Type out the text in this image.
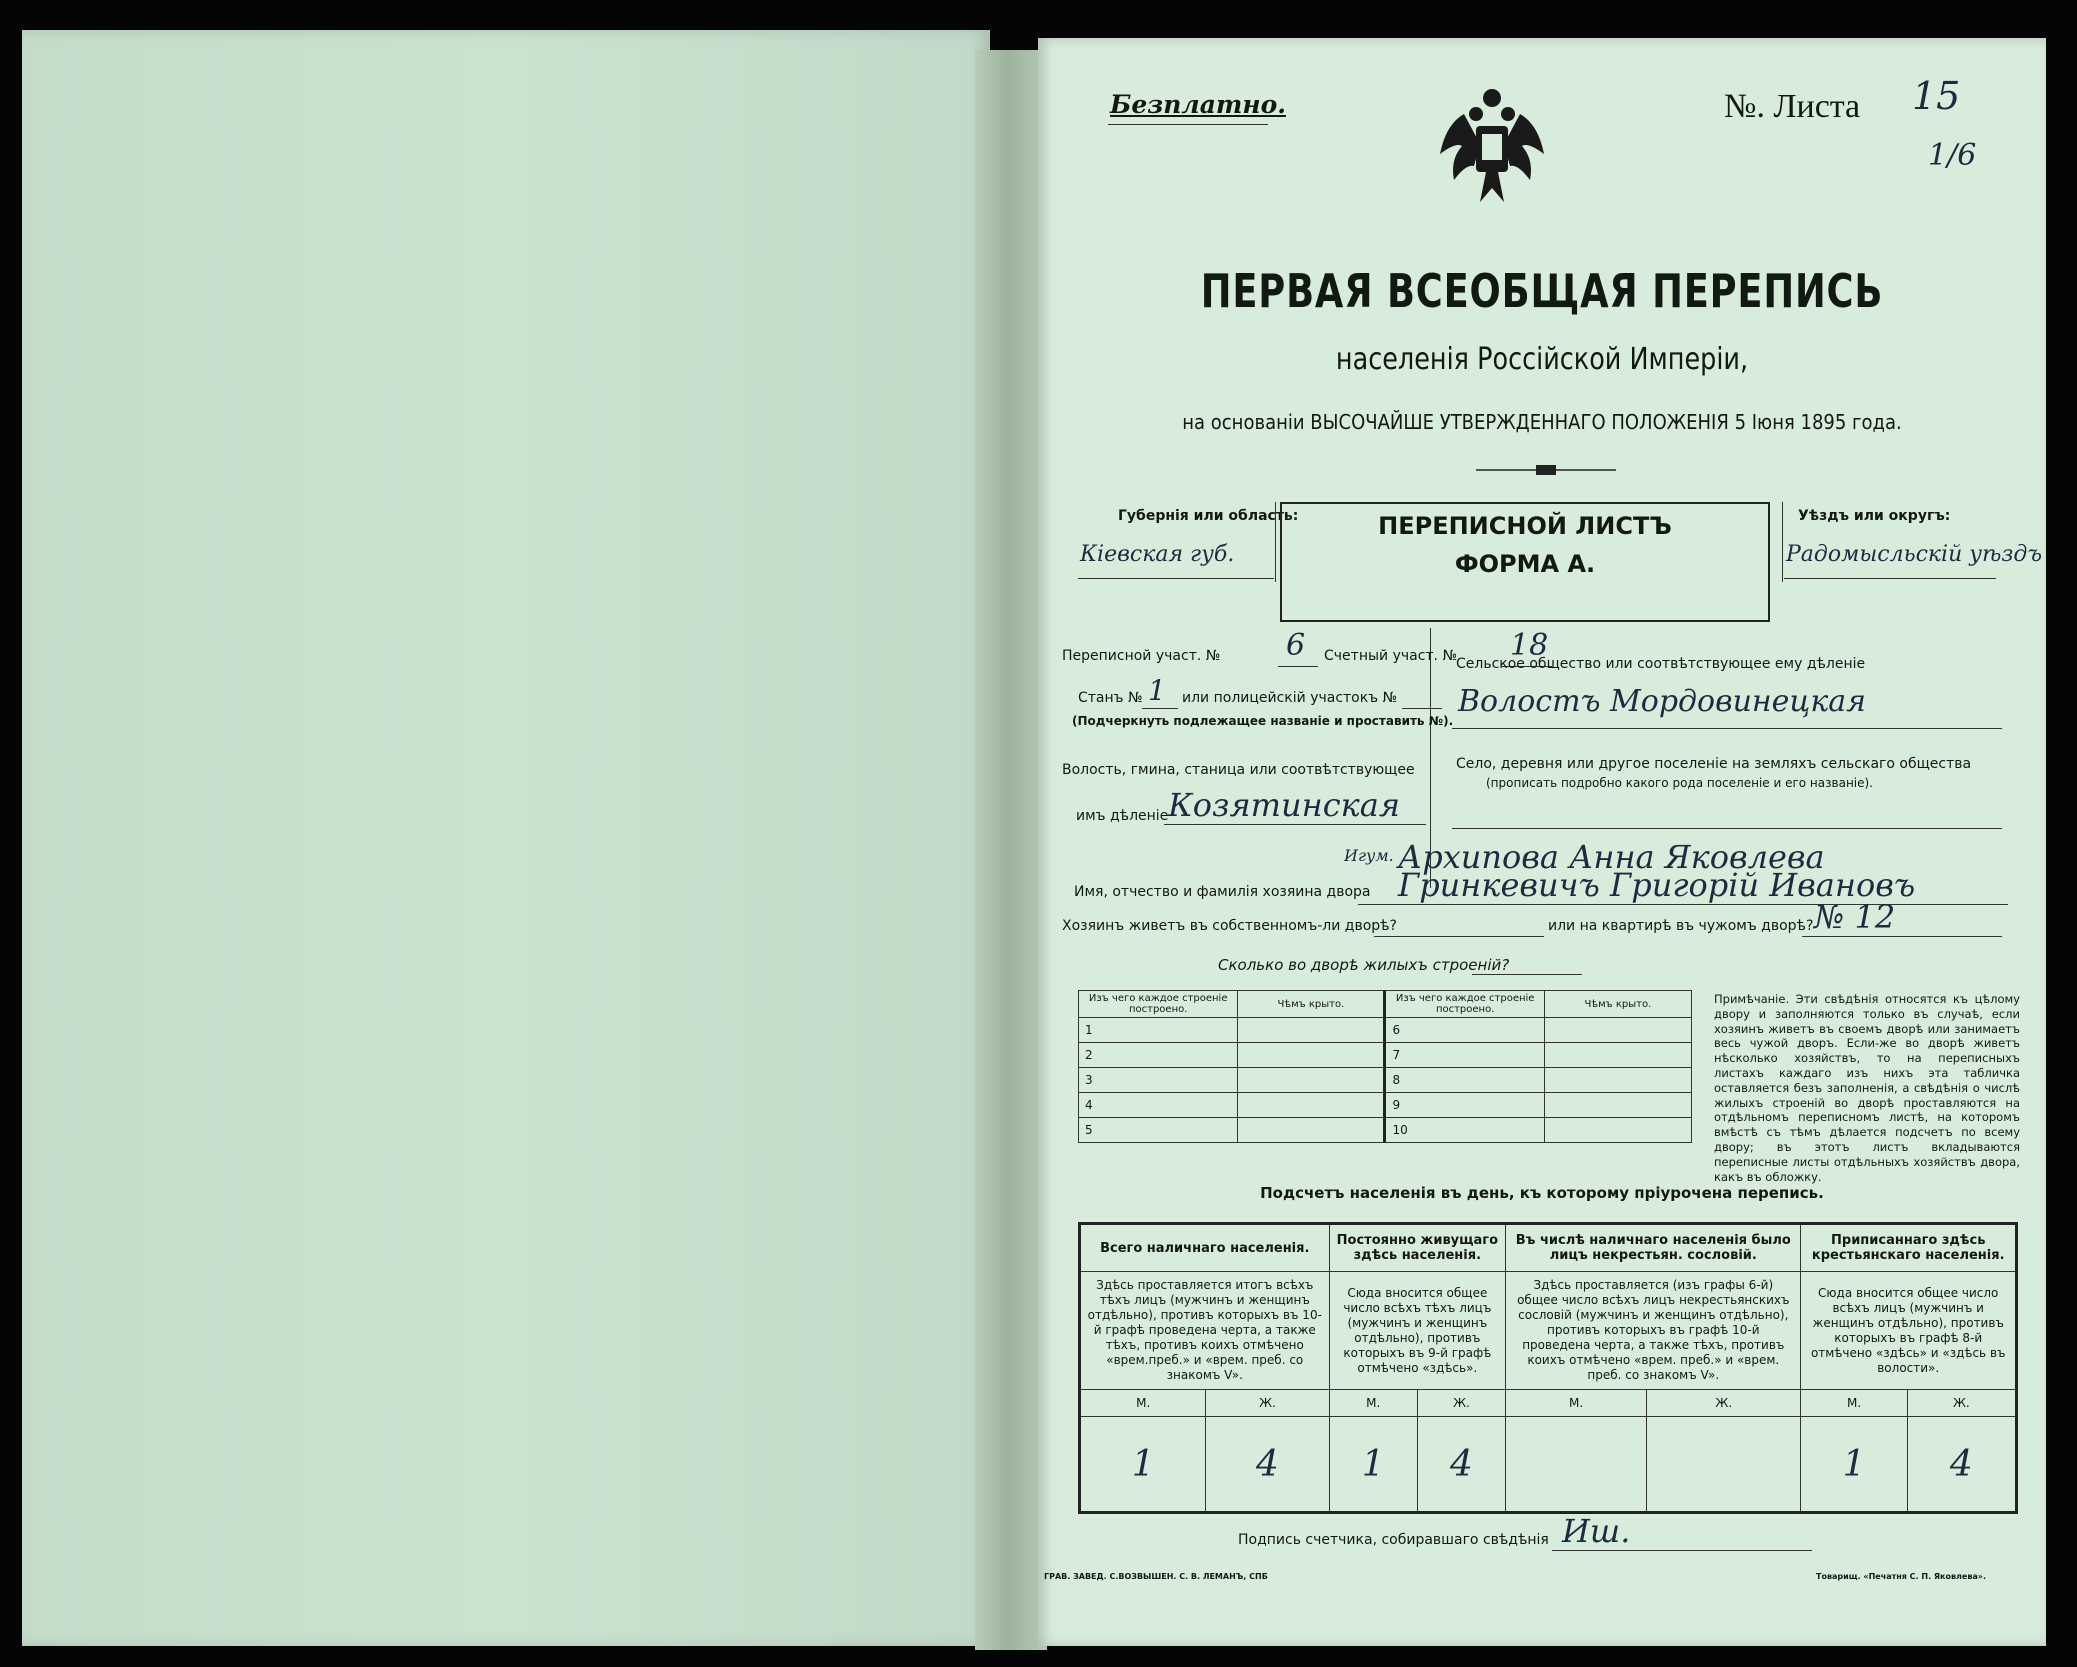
Безплатно.	№. Листа 15
1/6
ПЕРВАЯ ВСЕОБЩАЯ ПЕРЕПИСЬ
населенія Россійской Имперіи,
на основаніи ВЫСОЧАЙШЕ УТВЕРЖДЕННАГО ПОЛОЖЕНІЯ 5 Іюня 1895 года.
Губернія или область:
Кіевская губ.
ПЕРЕПИСНОЙ ЛИСТЪ
ФОРМА А.
Уѣздъ или округъ:
Радомысльскій уѣздъ
Переписной участ. № 6 Счетный участ. № 18
Станъ № 1 или полицейскій участокъ №
(Подчеркнуть подлежащее названіе и проставить №).
Волость, гмина, станица или соотвѣтствующее
имъ дѣленіе Козятинская
Сельское общество или соотвѣтствующее ему дѣленіе
Волостъ Мордовинецкая
Село, деревня или другое поселеніе на земляхъ сельскаго общества
(прописать подробно какого рода поселеніе и его названіе).
Игум. Архипова Анна Яковлева
Имя, отчество и фамилія хозяина двора Гринкевичъ Григорій Ивановъ
Хозяинъ живетъ въ собственномъ-ли дворѣ?	или на квартирѣ въ чужомъ дворѣ? № 12
Сколько во дворѣ жилыхъ строеній?
Изъ чего каждое строеніе построено.	Чѣмъ крыто.	Изъ чего каждое строеніе построено.	Чѣмъ крыто.
1		6	
2		7	
3		8	
4		9	
5		10	
Примѣчаніе. Эти свѣдѣнія относятся къ цѣлому двору и заполняются только въ случаѣ, если хозяинъ живетъ въ своемъ дворѣ или занимаетъ весь чужой дворъ. Если-же во дворѣ живетъ нѣсколько хозяйствъ, то на переписныхъ листахъ каждаго изъ нихъ эта табличка оставляется безъ заполненія, а свѣдѣнія о числѣ жилыхъ строеній во дворѣ проставляются на отдѣльномъ переписномъ листѣ, на которомъ вмѣстѣ съ тѣмъ дѣлается подсчетъ по всему двору; въ этотъ листъ вкладываются переписные листы отдѣльныхъ хозяйствъ двора, какъ въ обложку.
Подсчетъ населенія въ день, къ которому пріурочена перепись.
Всего наличнаго населенія.		Постоянно живущаго здѣсь населенія.		Въ числѣ наличнаго населенія было лицъ некрестьян. сословій.		Приписаннаго здѣсь крестьянскаго населенія.	
Здѣсь проставляется итогъ всѣхъ тѣхъ лицъ (мужчинъ и женщинъ отдѣльно), противъ которыхъ въ 10-й графѣ проведена черта, а также тѣхъ, противъ коихъ отмѣчено «врем.преб.» и «врем. преб. со знакомъ V».		Сюда вносится общее число всѣхъ тѣхъ лицъ (мужчинъ и женщинъ отдѣльно), противъ которыхъ въ 9-й графѣ отмѣчено «здѣсь».		Здѣсь проставляется (изъ графы 6-й) общее число всѣхъ лицъ некрестьянскихъ сословій (мужчинъ и женщинъ отдѣльно), противъ которыхъ въ графѣ 10-й проведена черта, а также тѣхъ, противъ коихъ отмѣчено «врем. преб.» и «врем. преб. со знакомъ V».		Сюда вносится общее число всѣхъ лицъ (мужчинъ и женщинъ отдѣльно), противъ которыхъ въ графѣ 8-й отмѣчено «здѣсь» и «здѣсь въ волости».	
М.	Ж.	М.	Ж.	М.	Ж.	М.	Ж.
1	4	1	4			1	4
Подпись счетчика, собиравшаго свѣдѣнія Иш.
ГРАВ. ЗАВЕД. С.ВОЗВЫШЕН. С. В. ЛЕМАНЪ, СПБ	Товарищ. «Печатня С. П. Яковлева».
